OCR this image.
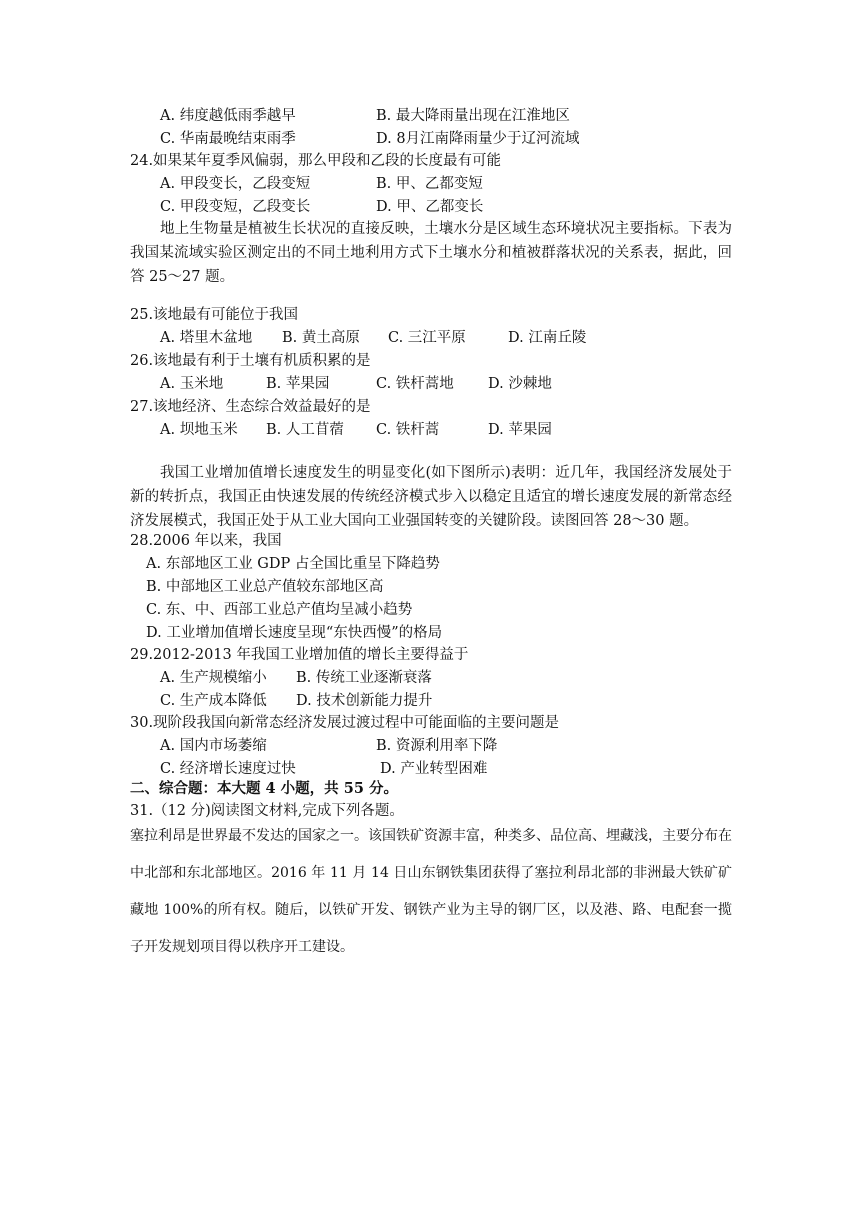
A. 纬度越低雨季越早	B. 最大降雨量出现在江淮地区
C. 华南最晚结束雨季	D. 8月江南降雨量少于辽河流域
24.如果某年夏季风偏弱，那么甲段和乙段的长度最有可能
A. 甲段变长，乙段变短	B. 甲、乙都变短
C. 甲段变短，乙段变长	D. 甲、乙都变长
地上生物量是植被生长状况的直接反映，土壤水分是区域生态环境状况主要指标。下表为我国某流域实验区测定出的不同土地利用方式下土壤水分和植被群落状况的关系表，据此，回答 25～27 题。
25.该地最有可能位于我国
A. 塔里木盆地 B. 黄土高原 C. 三江平原	D. 江南丘陵
26.该地最有利于土壤有机质积累的是
A. 玉米地	B. 苹果园	C. 铁杆蒿地 D. 沙棘地
27.该地经济、生态综合效益最好的是
A. 坝地玉米 B. 人工苜蓿 C. 铁杆蒿	D. 苹果园
我国工业增加值增长速度发生的明显变化(如下图所示)表明：近几年，我国经济发展处于新的转折点，我国正由快速发展的传统经济模式步入以稳定且适宜的增长速度发展的新常态经济发展模式，我国正处于从工业大国向工业强国转变的关键阶段。读图回答 28～30 题。
28.2006 年以来，我国
A. 东部地区工业 GDP 占全国比重呈下降趋势
B. 中部地区工业总产值较东部地区高
C. 东、中、西部工业总产值均呈减小趋势
D. 工业增加值增长速度呈现“东快西慢”的格局
29.2012-2013 年我国工业增加值的增长主要得益于
A. 生产规模缩小 B. 传统工业逐渐衰落
C. 生产成本降低 D. 技术创新能力提升
30.现阶段我国向新常态经济发展过渡过程中可能面临的主要问题是
A. 国内市场萎缩	B. 资源利用率下降
C. 经济增长速度过快	D. 产业转型困难
二、综合题：本大题 4 小题，共 55 分。
31.（12 分)阅读图文材料,完成下列各题。
塞拉利昂是世界最不发达的国家之一。该国铁矿资源丰富，种类多、品位高、埋藏浅，主要分布在中北部和东北部地区。2016 年 11 月 14 日山东钢铁集团获得了塞拉利昂北部的非洲最大铁矿矿藏地 100%的所有权。随后，以铁矿开发、钢铁产业为主导的钢厂区，以及港、路、电配套一揽子开发规划项目得以秩序开工建设。
